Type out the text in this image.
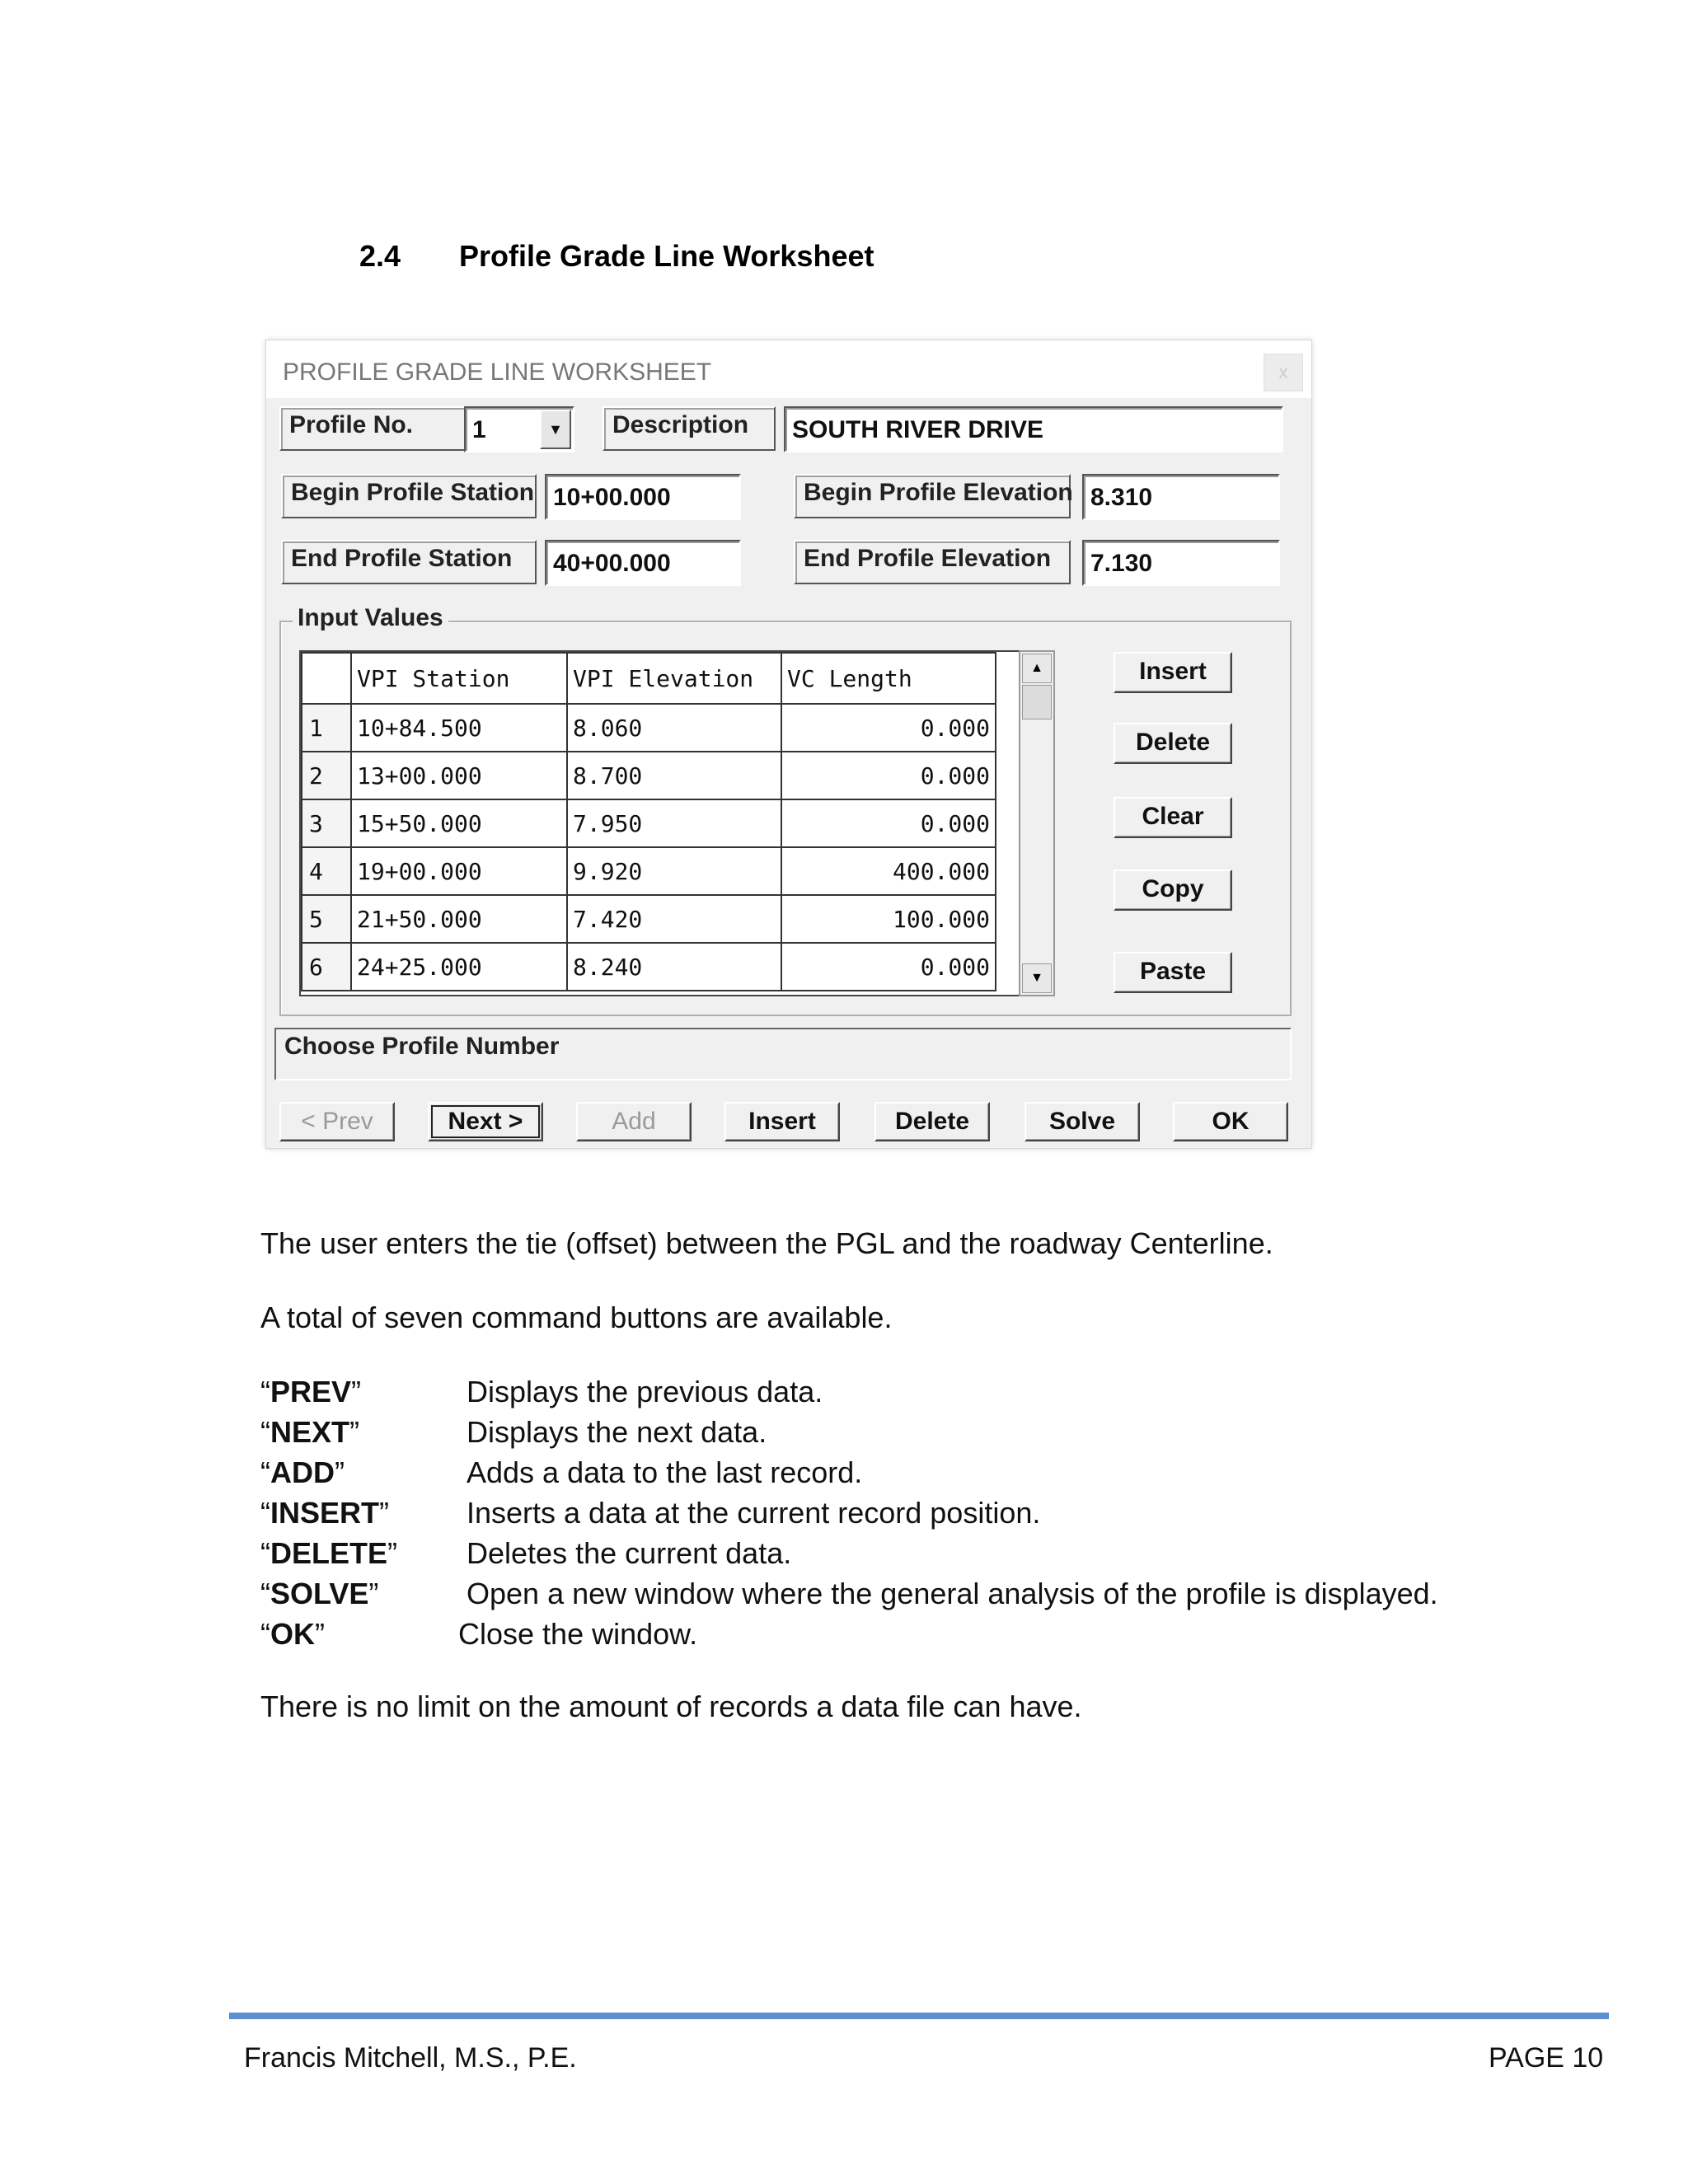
2.4 Profile Grade Line Worksheet
PROFILE GRADE LINE WORKSHEET	x
Profile No.	1	▼	Description	SOUTH RIVER DRIVE
Begin Profile Station 10+00.000	Begin Profile Elevation 8.310
End Profile Station	40+00.000	End Profile Elevation	7.130
Input Values
	VPI Station	VPI Elevation	VC Length
1	10+84.500	8.060	0.000
2	13+00.000	8.700	0.000
3	15+50.000	7.950	0.000
4	19+00.000	9.920	400.000
5	21+50.000	7.420	100.000
6	24+25.000	8.240	0.000
▲
▼
Insert
Delete
Clear
Copy
Paste
Choose Profile Number
< Prev	Next >	Add	Insert	Delete	Solve	OK
The user enters the tie (offset) between the PGL and the roadway Centerline.
A total of seven command buttons are available.
“PREV”	Displays the previous data.
“NEXT”	Displays the next data.
“ADD”	Adds a data to the last record.
“INSERT”	Inserts a data at the current record position.
“DELETE” Deletes the current data.
“SOLVE”	Open a new window where the general analysis of the profile is displayed.
“OK”	Close the window.
There is no limit on the amount of records a data file can have.
Francis Mitchell, M.S., P.E.	PAGE 10
